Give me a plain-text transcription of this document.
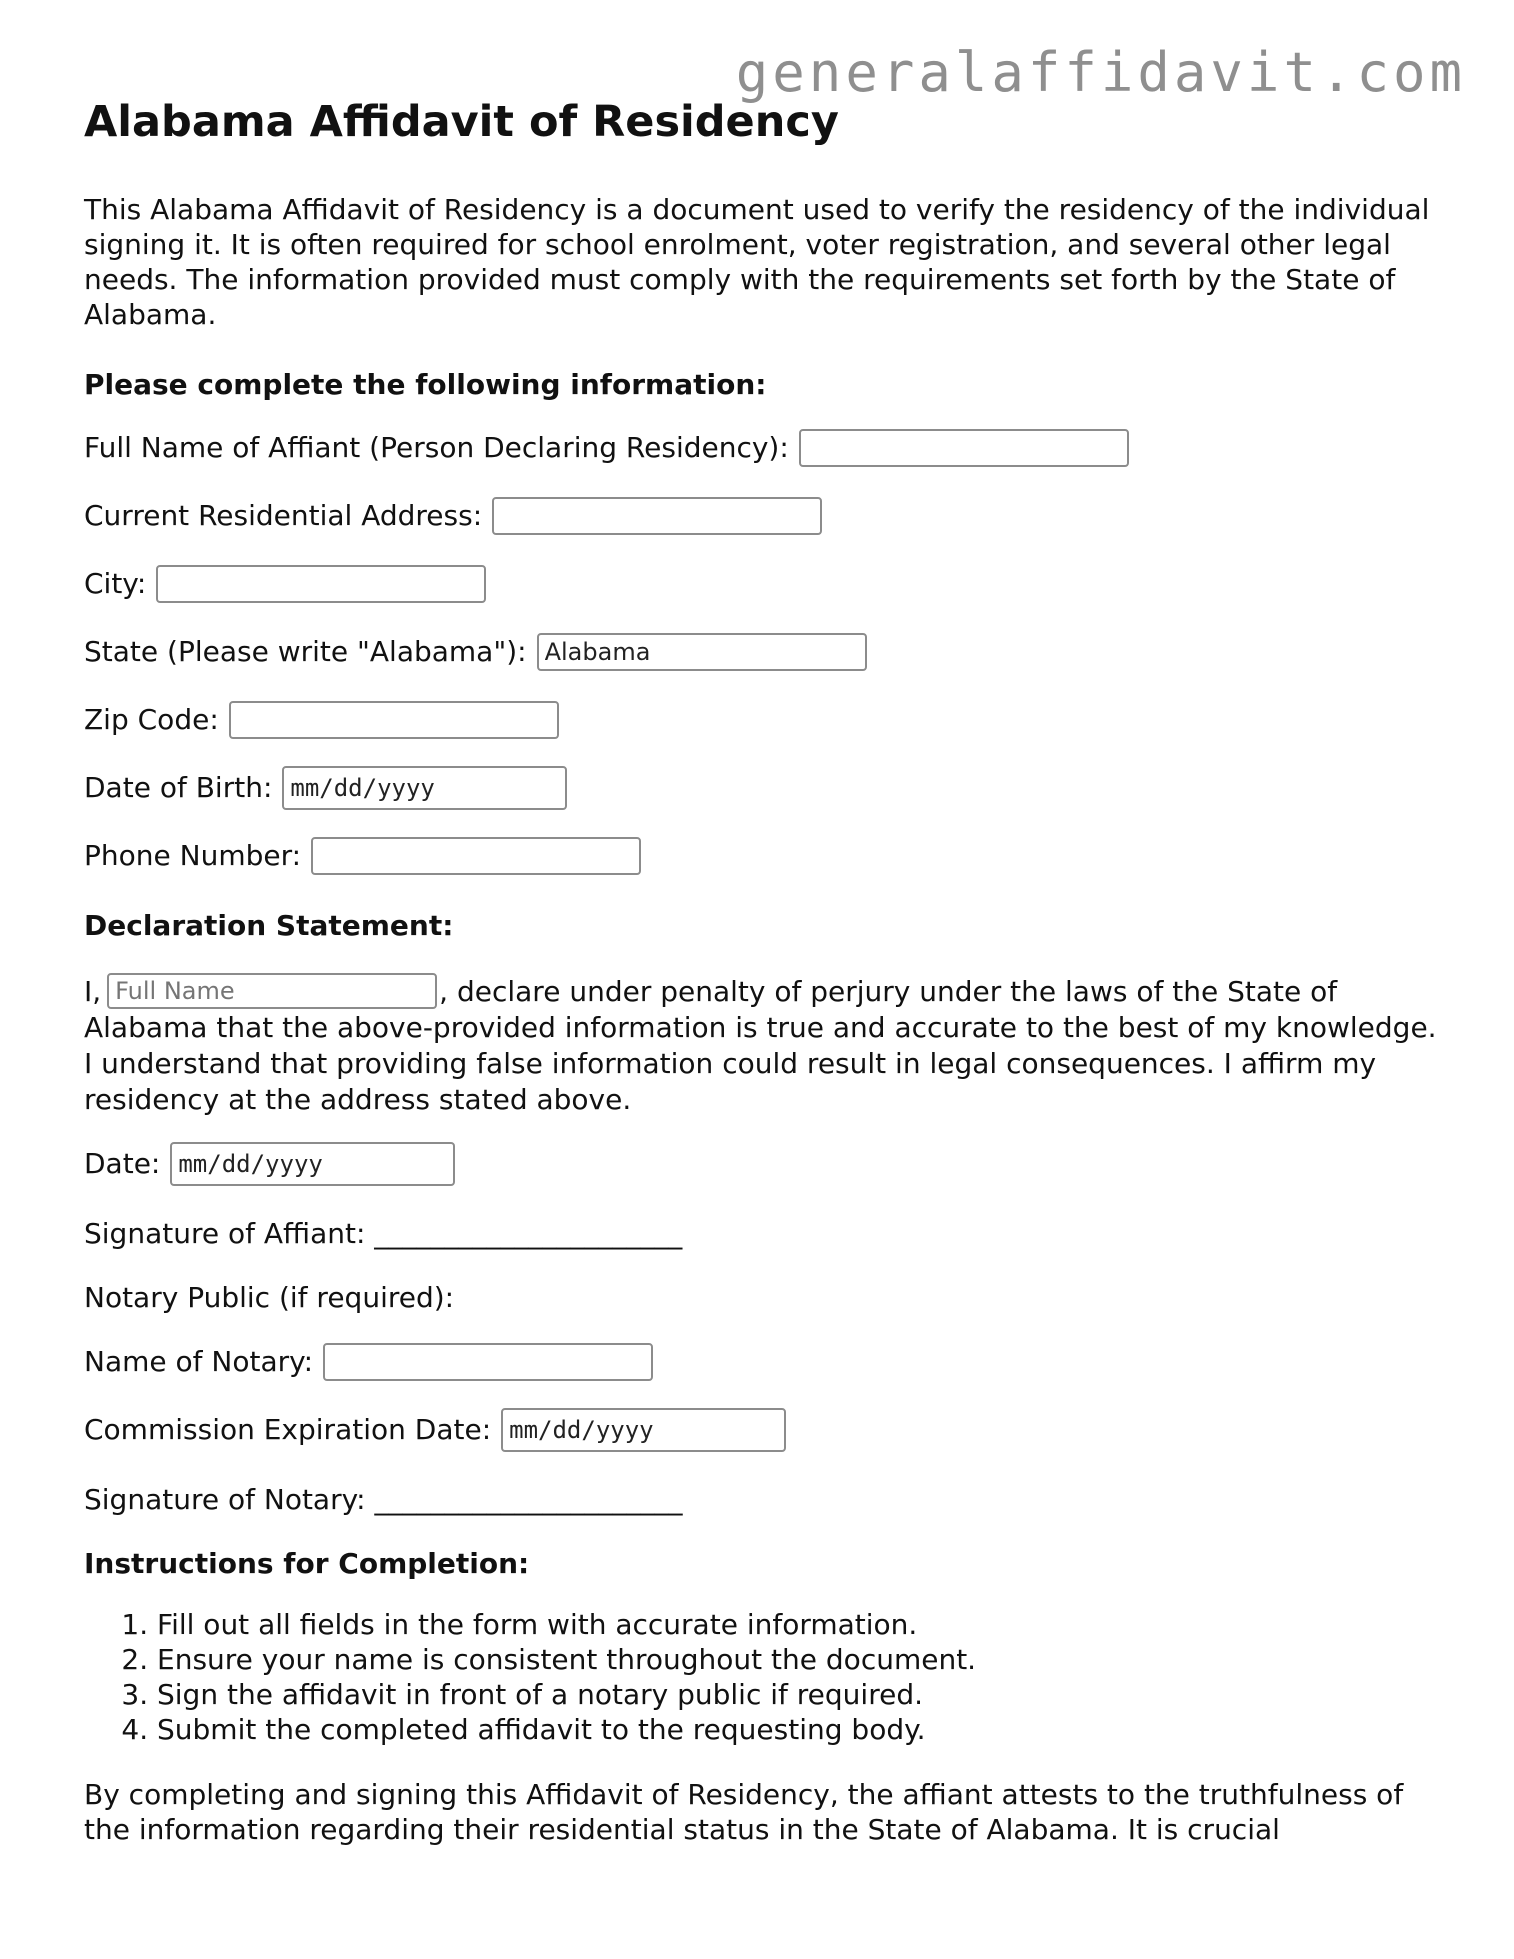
generalaffidavit.com
Alabama Affidavit of Residency

This Alabama Affidavit of Residency is a document used to verify the residency of the individual signing it. It is often required for school enrolment, voter registration, and several other legal needs. The information provided must comply with the requirements set forth by the State of Alabama.

Please complete the following information:
Full Name of Affiant (Person Declaring Residency):
Current Residential Address:
City:
State (Please write "Alabama"):
Alabama
Zip Code:
Date of Birth: mm/dd/yyyy
Phone Number:
Declaration Statement:
I,Full Name	, declare under penalty of perjury under the laws of the State of Alabama that the above-provided information is true and accurate to the best of my knowledge. I understand that providing false information could result in legal consequences. I affirm my residency at the address stated above.
Date: mm/dd/yyyy
Signature of Affiant: ______________________
Notary Public (if required):
Name of Notary:
Commission Expiration Date: mm/dd/yyyy
Signature of Notary: ______________________
Instructions for Completion:
1. Fill out all fields in the form with accurate information.
2. Ensure your name is consistent throughout the document.
3. Sign the affidavit in front of a notary public if required.
4. Submit the completed affidavit to the requesting body.

By completing and signing this Affidavit of Residency, the affiant attests to the truthfulness of the information regarding their residential status in the State of Alabama. It is crucial
